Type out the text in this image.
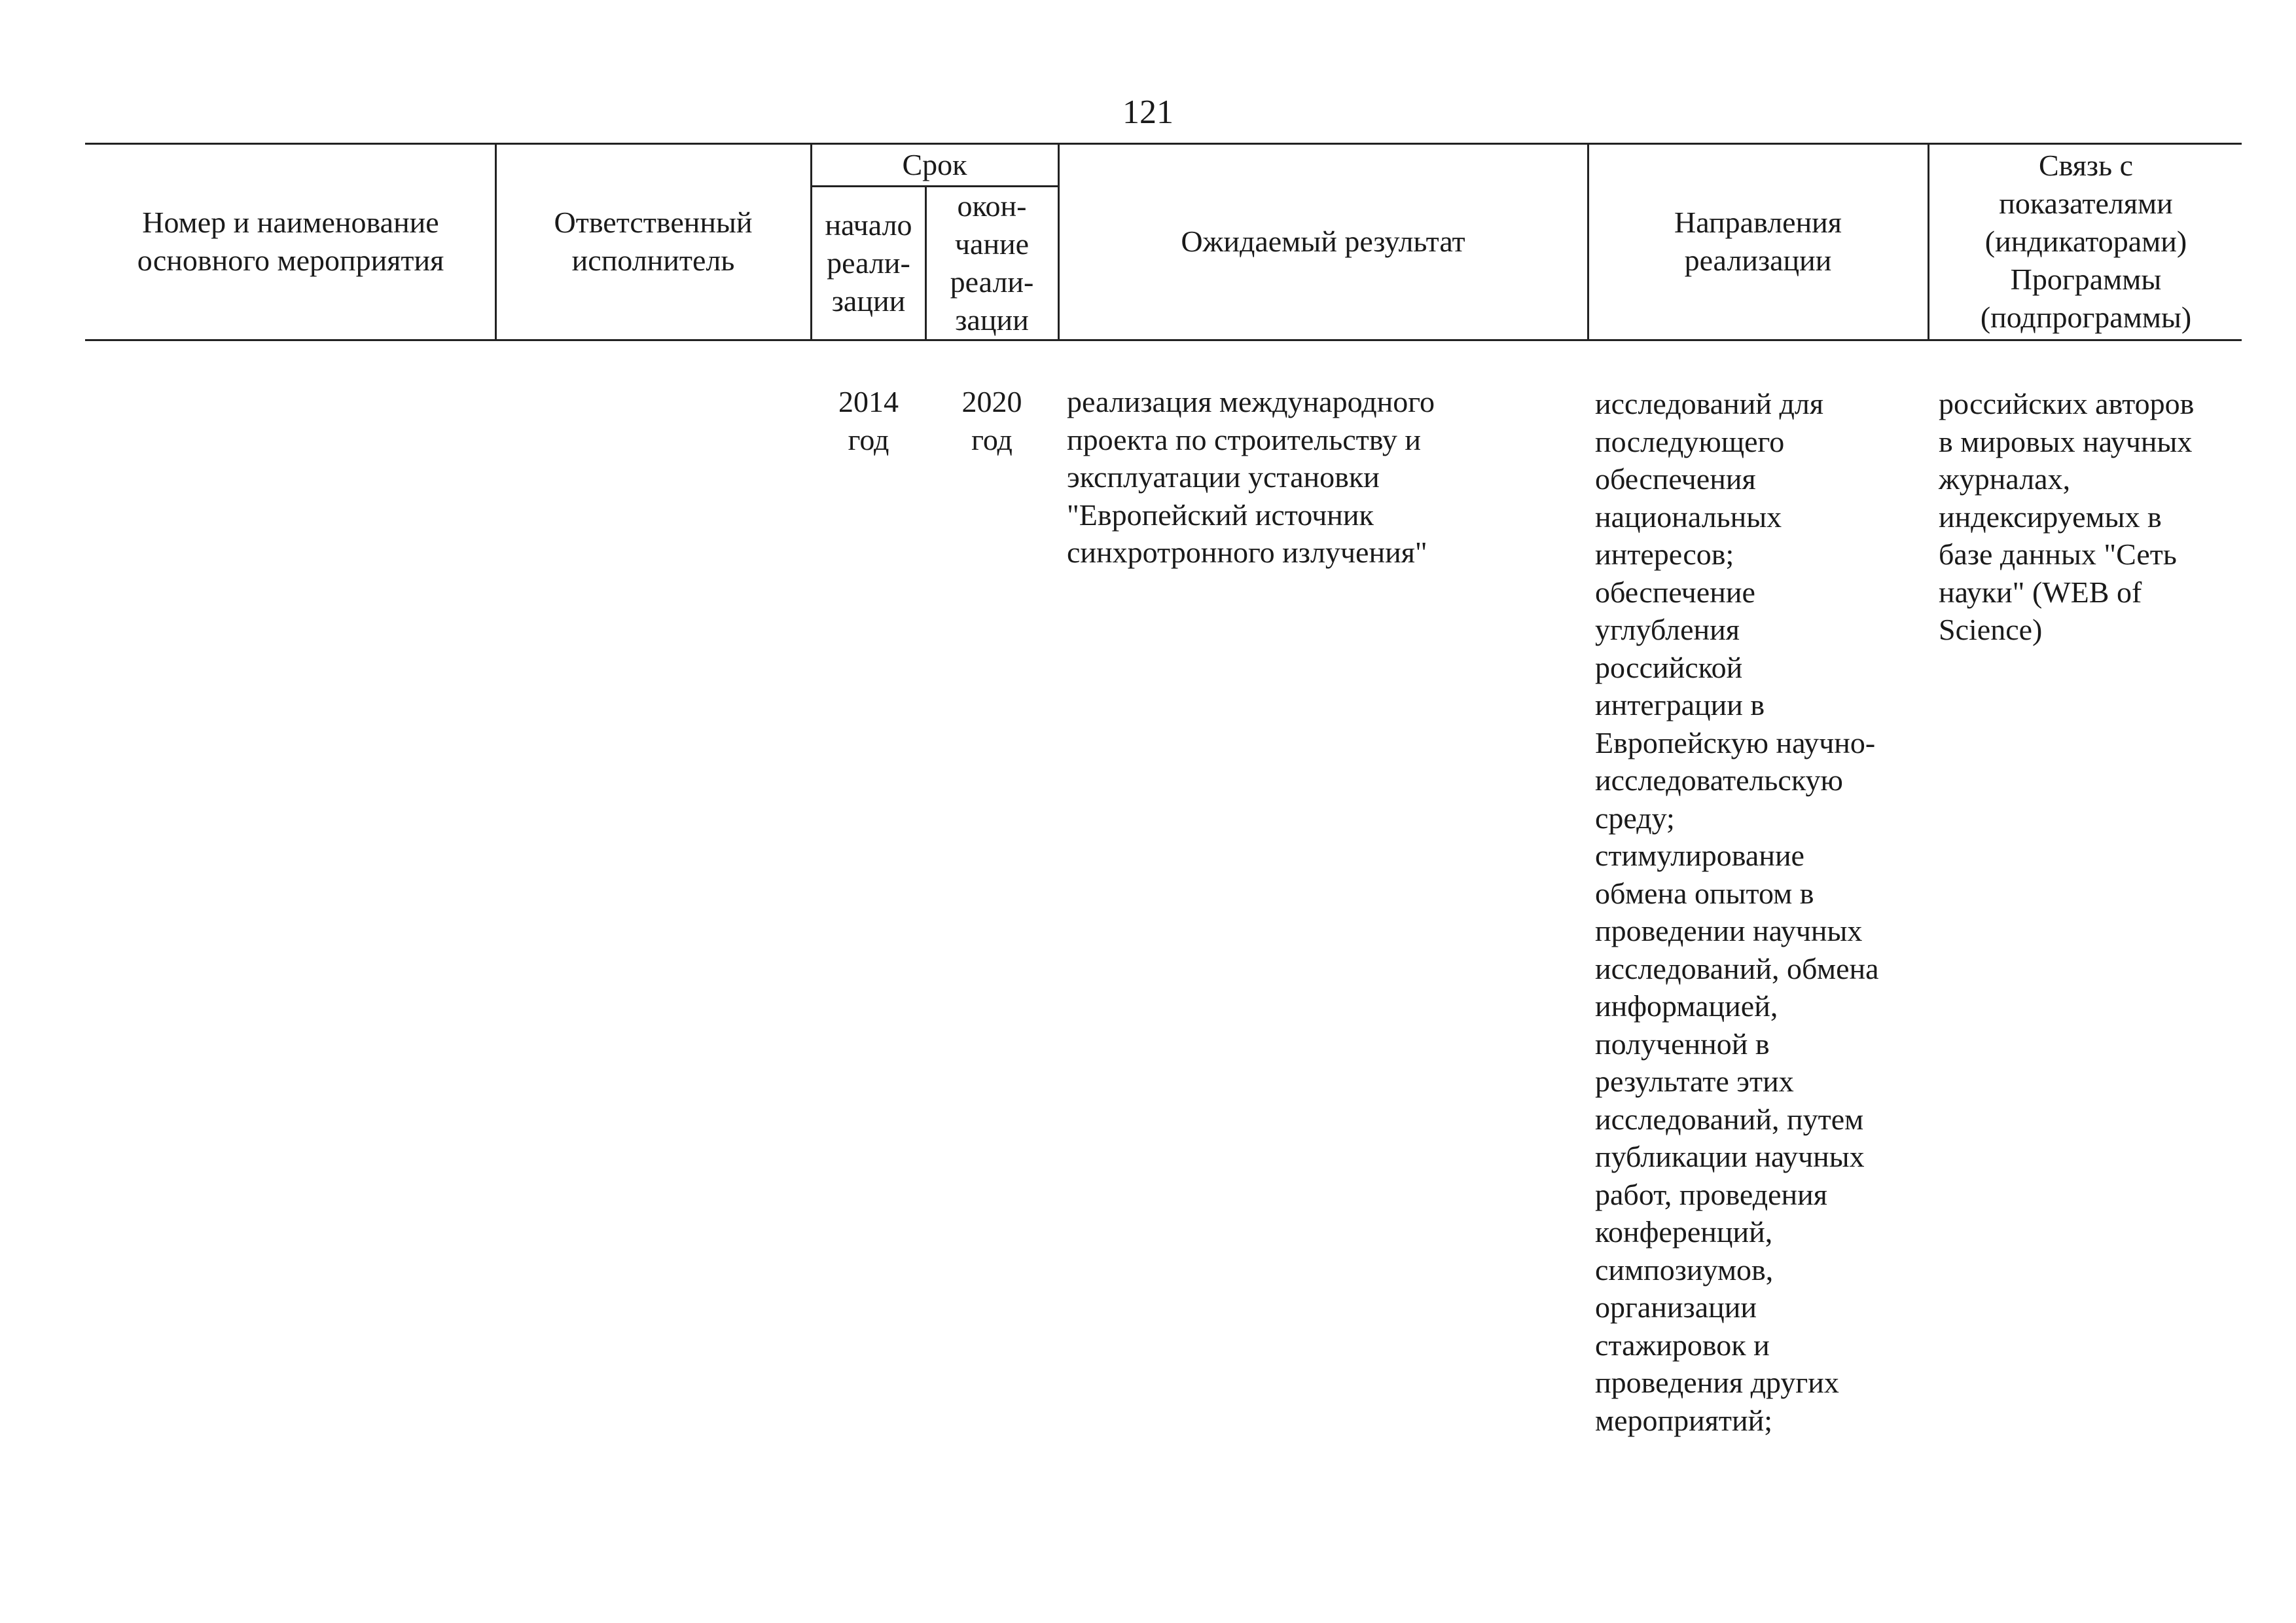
121
Номер и наименование
основного мероприятия
Ответственный
исполнитель
Срок
начало
реали-
зации
окон-
чание
реали-
зации
Ожидаемый результат
Направления
реализации
Связь с
показателями
(индикаторами)
Программы
(подпрограммы)
2014
год
2020
год
реализация международного
проекта по строительству и
эксплуатации установки
"Европейский источник
синхротронного излучения"
исследований для
последующего
обеспечения
национальных
интересов;
обеспечение
углубления
российской
интеграции в
Европейскую научно-
исследовательскую
среду;
стимулирование
обмена опытом в
проведении научных
исследований, обмена
информацией,
полученной в
результате этих
исследований, путем
публикации научных
работ, проведения
конференций,
симпозиумов,
организации
стажировок и
проведения других
мероприятий;
российских авторов
в мировых научных
журналах,
индексируемых в
базе данных "Сеть
науки" (WEB of
Science)
